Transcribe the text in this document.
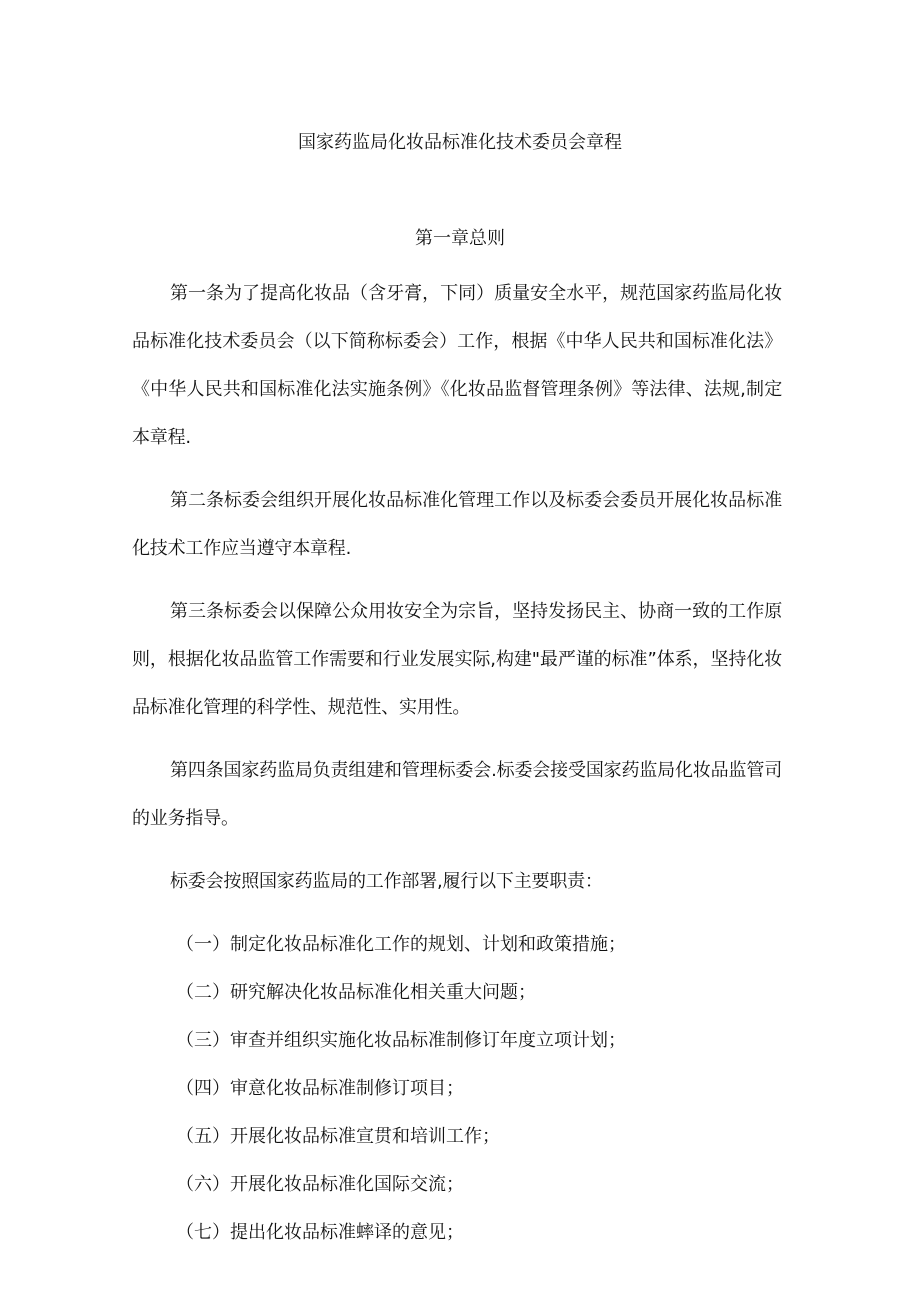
国家药监局化妆品标准化技术委员会章程
第一章总则

第一条为了提高化妆品（含牙膏，下同）质量安全水平，规范国家药监局化妆品标准化技术委员会（以下简称标委会）工作，根据《中华人民共和国标准化法》《中华人民共和国标准化法实施条例》《化妆品监督管理条例》等法律、法规,制定本章程.

第二条标委会组织开展化妆品标准化管理工作以及标委会委员开展化妆品标准化技术工作应当遵守本章程.

第三条标委会以保障公众用妆安全为宗旨，坚持发扬民主、协商一致的工作原则，根据化妆品监管工作需要和行业发展实际,构建"最严谨的标准”体系，坚持化妆品标准化管理的科学性、规范性、实用性。

第四条国家药监局负责组建和管理标委会.标委会接受国家药监局化妆品监管司的业务指导。

标委会按照国家药监局的工作部署,履行以下主要职责：

（一）制定化妆品标准化工作的规划、计划和政策措施；

（二）研究解决化妆品标准化相关重大问题；

（三）审查并组织实施化妆品标准制修订年度立项计划；

（四）审意化妆品标准制修订项目；

（五）开展化妆品标准宣贯和培训工作；

（六）开展化妆品标准化国际交流；

（七）提出化妆品标准蟀译的意见；
